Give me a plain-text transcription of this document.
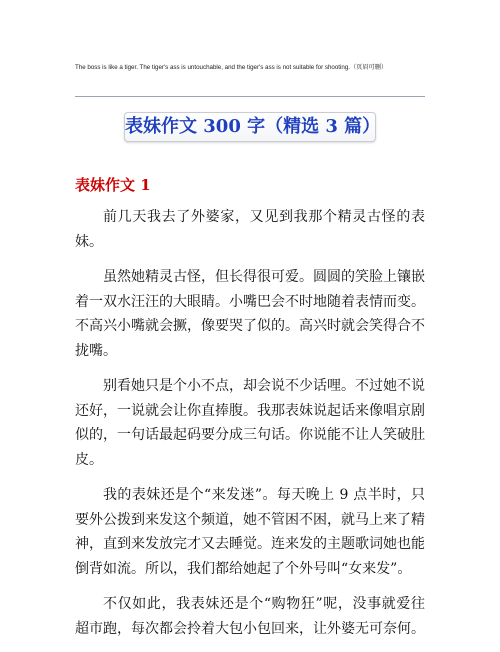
The boss is like a tiger. The tiger's ass is untouchable, and the tiger's ass is not suitable for shooting.（页眉可删）
表妹作文 300 字（精选 3 篇）
表妹作文 1

前几天我去了外婆家，又见到我那个精灵古怪的表妹。

虽然她精灵古怪，但长得很可爱。圆圆的笑脸上镶嵌着一双水汪汪的大眼睛。小嘴巴会不时地随着表情而变。不高兴小嘴就会撅，像要哭了似的。高兴时就会笑得合不拢嘴。

别看她只是个小不点，却会说不少话哩。不过她不说还好，一说就会让你直捧腹。我那表妹说起话来像唱京剧似的，一句话最起码要分成三句话。你说能不让人笑破肚皮。

我的表妹还是个“来发迷”。每天晚上 9 点半时，只要外公拨到来发这个频道，她不管困不困，就马上来了精神，直到来发放完才又去睡觉。连来发的主题歌词她也能倒背如流。所以，我们都给她起了个外号叫“女来发”。

不仅如此，我表妹还是个“购物狂”呢，没事就爱往超市跑，每次都会拎着大包小包回来，让外婆无可奈何。
